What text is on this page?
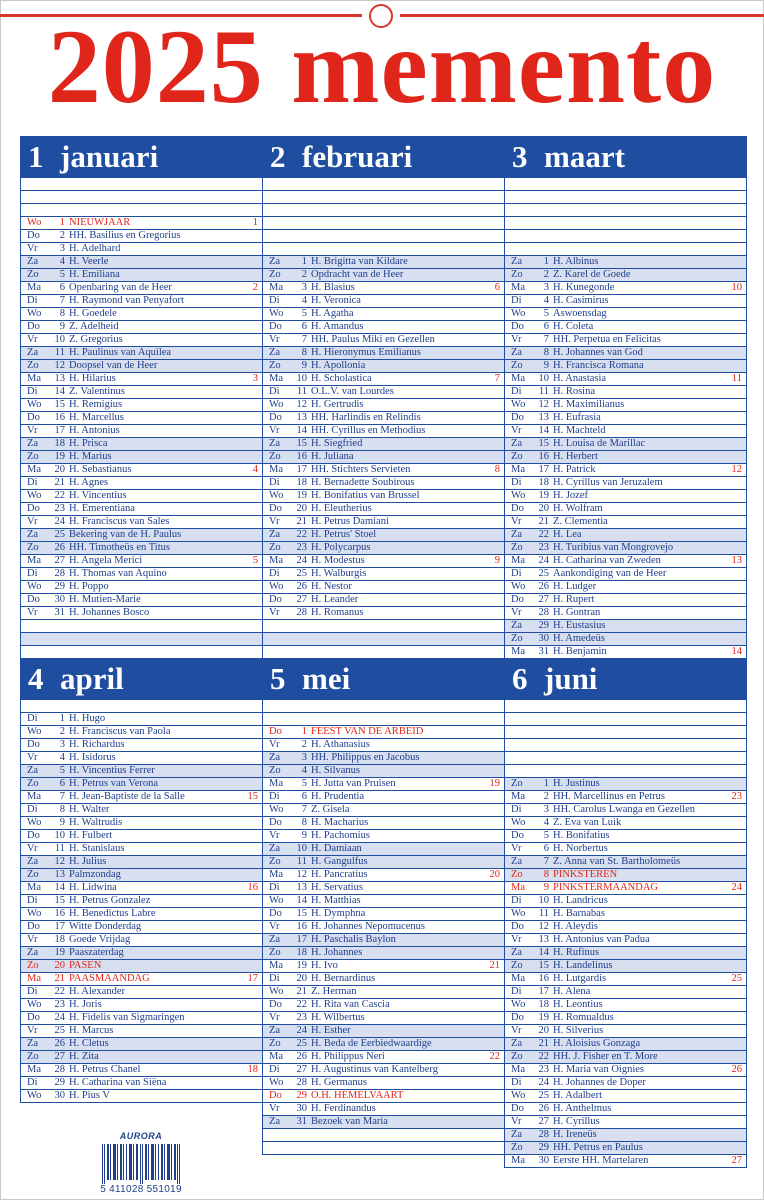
2025 memento
1 januari
Wo	1 NIEUWJAAR	1
Do	2 HH. Basilius en Gregorius
Vr	3 H. Adelhard
Za	4 H. Veerle
Zo	5 H. Emiliana
Ma	6 Openbaring van de Heer	2
Di	7 H. Raymond van Penyafort
Wo	8 H. Goedele
Do	9 Z. Adelheid
Vr	10 Z. Gregorius
Za	11 H. Paulinus van Aquilea
Zo	12 Doopsel van de Heer
Ma	13 H. Hilarius	3
Di	14 Z. Valentinus
Wo	15 H. Remigius
Do	16 H. Marcellus
Vr	17 H. Antonius
Za	18 H. Prisca
Zo	19 H. Marius
Ma	20 H. Sebastianus	4
Di	21 H. Agnes
Wo	22 H. Vincentius
Do	23 H. Emerentiana
Vr	24 H. Franciscus van Sales
Za	25 Bekering van de H. Paulus
Zo	26 HH. Timotheüs en Titus
Ma	27 H. Angela Merici	5
Di	28 H. Thomas van Aquino
Wo	29 H. Poppo
Do	30 H. Mutien-Marie
Vr	31 H. Johannes Bosco
2 februari
Za	1 H. Brigitta van Kildare
Zo	2 Opdracht van de Heer
Ma	3 H. Blasius	6
Di	4 H. Veronica
Wo	5 H. Agatha
Do	6 H. Amandus
Vr	7 HH. Paulus Miki en Gezellen
Za	8 H. Hieronymus Emilianus
Zo	9 H. Apollonia
Ma	10 H. Scholastica	7
Di	11 O.L.V. van Lourdes
Wo	12 H. Gertrudis
Do	13 HH. Harlindis en Relindis
Vr	14 HH. Cyrillus en Methodius
Za	15 H. Siegfried
Zo	16 H. Juliana
Ma	17 HH. Stichters Servieten	8
Di	18 H. Bernadette Soubirous
Wo	19 H. Bonifatius van Brussel
Do	20 H. Eleutherius
Vr	21 H. Petrus Damiani
Za	22 H. Petrus' Stoel
Zo	23 H. Polycarpus
Ma	24 H. Modestus	9
Di	25 H. Walburgis
Wo	26 H. Nestor
Do	27 H. Leander
Vr	28 H. Romanus
3 maart
Za	1 H. Albinus
Zo	2 Z. Karel de Goede
Ma	3 H. Kunegonde	10
Di	4 H. Casimirus
Wo	5 Aswoensdag
Do	6 H. Coleta
Vr	7 HH. Perpetua en Felicitas
Za	8 H. Johannes van God
Zo	9 H. Francisca Romana
Ma	10 H. Anastasia	11
Di	11 H. Rosina
Wo	12 H. Maximilianus
Do	13 H. Eufrasia
Vr	14 H. Machteld
Za	15 H. Louisa de Marillac
Zo	16 H. Herbert
Ma	17 H. Patrick	12
Di	18 H. Cyrillus van Jeruzalem
Wo	19 H. Jozef
Do	20 H. Wolfram
Vr	21 Z. Clementia
Za	22 H. Lea
Zo	23 H. Turibius van Mongrovejo
Ma	24 H. Catharina van Zweden	13
Di	25 Aankondiging van de Heer
Wo	26 H. Ludger
Do	27 H. Rupert
Vr	28 H. Gontran
Za	29 H. Eustasius
Zo	30 H. Amedeüs
Ma	31 H. Benjamin	14
4 april
Di	1 H. Hugo
Wo	2 H. Franciscus van Paola
Do	3 H. Richardus
Vr	4 H. Isidorus
Za	5 H. Vincentius Ferrer
Zo	6 H. Petrus van Verona
Ma	7 H. Jean-Baptiste de la Salle	15
Di	8 H. Walter
Wo	9 H. Waltrudis
Do	10 H. Fulbert
Vr	11 H. Stanislaus
Za	12 H. Julius
Zo	13 Palmzondag
Ma	14 H. Lidwina	16
Di	15 H. Petrus Gonzalez
Wo	16 H. Benedictus Labre
Do	17 Witte Donderdag
Vr	18 Goede Vrijdag
Za	19 Paaszaterdag
Zo	20 PASEN
Ma	21 PAASMAANDAG	17
Di	22 H. Alexander
Wo	23 H. Joris
Do	24 H. Fidelis van Sigmaringen
Vr	25 H. Marcus
Za	26 H. Cletus
Zo	27 H. Zita
Ma	28 H. Petrus Chanel	18
Di	29 H. Catharina van Siëna
Wo	30 H. Pius V
5 mei
Do	1 FEEST VAN DE ARBEID
Vr	2 H. Athanasius
Za	3 HH. Philippus en Jacobus
Zo	4 H. Silvanus
Ma	5 H. Jutta van Pruisen	19
Di	6 H. Prudentia
Wo	7 Z. Gisela
Do	8 H. Macharius
Vr	9 H. Pachomius
Za	10 H. Damiaan
Zo	11 H. Gangulfus
Ma	12 H. Pancratius	20
Di	13 H. Servatius
Wo	14 H. Matthias
Do	15 H. Dymphna
Vr	16 H. Johannes Nepomucenus
Za	17 H. Paschalis Baylon
Zo	18 H. Johannes
Ma	19 H. Ivo	21
Di	20 H. Bernardinus
Wo	21 Z. Herman
Do	22 H. Rita van Cascia
Vr	23 H. Wilbertus
Za	24 H. Esther
Zo	25 H. Beda de Eerbiedwaardige
Ma	26 H. Philippus Neri	22
Di	27 H. Augustinus van Kantelberg
Wo	28 H. Germanus
Do	29 O.H. HEMELVAART
Vr	30 H. Ferdinandus
Za	31 Bezoek van Maria
6 juni
Zo	1 H. Justinus
Ma	2 HH. Marcellinus en Petrus	23
Di	3 HH. Carolus Lwanga en Gezellen
Wo	4 Z. Eva van Luik
Do	5 H. Bonifatius
Vr	6 H. Norbertus
Za	7 Z. Anna van St. Bartholomeüs
Zo	8 PINKSTEREN
Ma	9 PINKSTERMAANDAG	24
Di	10 H. Landricus
Wo	11 H. Barnabas
Do	12 H. Aleydis
Vr	13 H. Antonius van Padua
Za	14 H. Rufinus
Zo	15 H. Landelinus
Ma	16 H. Lutgardis	25
Di	17 H. Alena
Wo	18 H. Leontius
Do	19 H. Romualdus
Vr	20 H. Silverius
Za	21 H. Aloisius Gonzaga
Zo	22 HH. J. Fisher en T. More
Ma	23 H. Maria van Oignies	26
Di	24 H. Johannes de Doper
Wo	25 H. Adalbert
Do	26 H. Anthelmus
Vr	27 H. Cyrillus
Za	28 H. Ireneüs
Zo	29 HH. Petrus en Paulus
Ma	30 Eerste HH. Martelaren	27
AURORA
5 411028 551019
